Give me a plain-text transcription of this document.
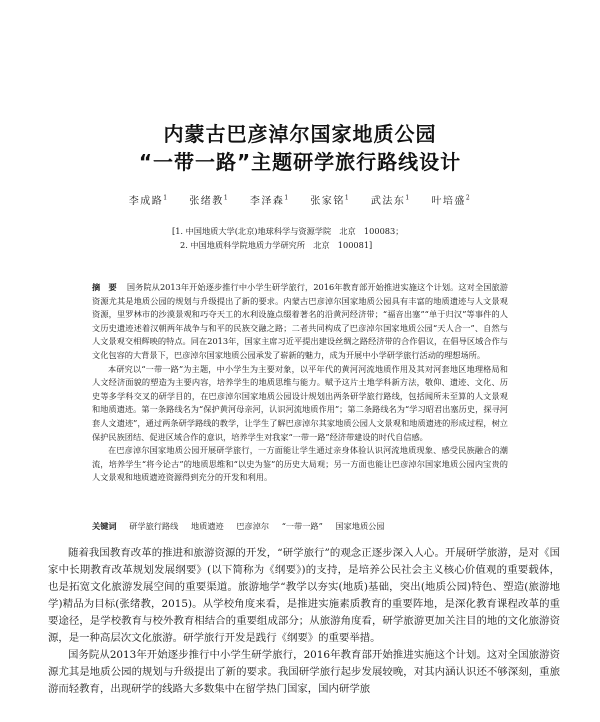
内蒙古巴彦淖尔国家地质公园
“一带一路”主题研学旅行路线设计
李成路$^1$ 张绪教$^1$ 李泽森$^1$ 张家铭$^1$ 武法东$^1$ 叶培盛$^2$
[1. 中国地质大学(北京)地球科学与资源学院　北京　100083；
2. 中国地质科学院地质力学研究所　北京　100081]

摘　要 国务院从2013年开始逐步推行中小学生研学旅行，2016年教育部开始推进实施这个计划。这对全国旅游资源尤其是地质公园的规划与升级提出了新的要求。内蒙古巴彦淖尔国家地质公园具有丰富的地质遗迹与人文景观资源，里罗林市的沙漠景观和巧夺天工的水利设施点缀着著名的沿黄河经济带；“福音出塞”“单于归汉”等事件的人文历史遗迹述着汉朝两年战争与和平的民族交融之路；二者共同构成了巴彦淖尔国家地质公园“天人合一”、自然与人文景观交相辉映的特点。同在2013年，国家主席习近平提出建设丝绸之路经济带的合作倡议，在倡导区域合作与文化包容的大背景下，巴彦淖尔国家地质公园承发了崭新的魅力，成为开展中小学研学旅行活动的理想场所。

本研究以“一带一路”为主题，中小学生为主要对象，以平年代的黄河河流地质作用及其对河套地区地理格局和人文经济面貌的塑造为主要内容，培养学生的地质思维与能力。赋予这片土地学科新方法，敬仰、遗迹、文化、历史等多学科交叉的研学目的，在巴彦淖尔国家地质公园设计规划出两条研学旅行路线，包括闻所未至算的人文景观和地质遗迹。第一条路线名为“保护黄河母亲河，认识河流地质作用”；第二条路线名为“学习昭君出塞历史，探寻河套人文遗迹”，通过两条研学路线的教学，让学生了解巴彦淖尔其家地质公园人文景观和地质遗迹的形成过程，树立保护民族团结、促进区域合作的意识，培养学生对我家“一带一路”经济带建设的时代自信感。

在巴彦淖尔国家地质公园开展研学旅行，一方面能让学生通过亲身体验认识河流地质现象、感受民族融合的潮流，培养学生“将今论古”的地质思维和“以史为鉴”的历史大局观；另一方面也能让巴彦淖尔国家地质公园内宝贵的人文景观和地质遗迹资源得到充分的开发和利用。

关键词 研学旅行路线 地质遗迹 巴彦淖尔 “一带一路” 国家地质公园

随着我国教育改革的推进和旅游资源的开发，“研学旅行”的观念正逐步深入人心。开展研学旅游，是对《国家中长期教育改革规划发展纲要》(以下简称为《纲要》)的支持，是培养公民社会主义核心价值观的重要载体，也是拓宽文化旅游发展空间的重要渠道。旅游地学“教学以夯实(地质)基础，突出(地质公园)特色、塑造(旅游地学)精品为目标(张绪教，2015)。从学校角度来看，是推进实施素质教育的重要阵地，是深化教育课程改革的重要途径，是学校教育与校外教育相结合的重要组成部分；从旅游角度看，研学旅游更加关注目的地的文化旅游资源，是一种高层次文化旅游。研学旅行开发是践行《纲要》的重要举措。

国务院从2013年开始逐步推行中小学生研学旅行，2016年教育部开始推进实施这个计划。这对全国旅游资源尤其是地质公园的规划与升级提出了新的要求。我国研学旅行起步发展较晚，对其内涵认识还不够深刻，重旅游而轻教育，出现研学的线路大多数集中在留学热门国家，国内研学旅
